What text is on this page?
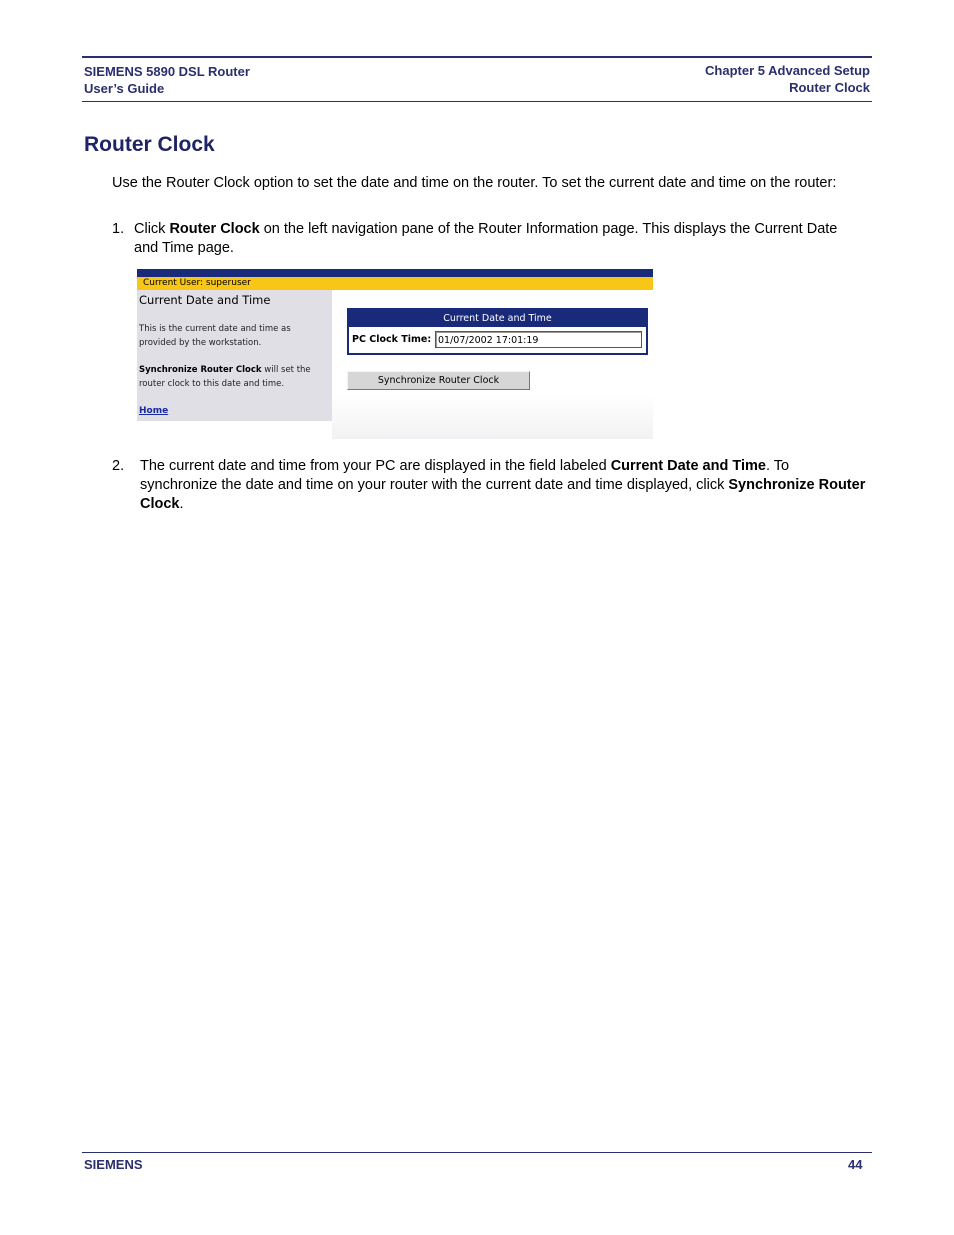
SIEMENS 5890 DSL Router
User’s Guide
Chapter 5 Advanced Setup
Router Clock
Router Clock
Use the Router Clock option to set the date and time on the router. To set the current date and time on the router:
1. Click Router Clock on the left navigation pane of the Router Information page. This displays the Current Date and Time page.
Current User: superuser
Current Date and Time
This is the current date and time as provided by the workstation.
Synchronize Router Clock will set the router clock to this date and time.
Home
Current Date and Time
PC Clock Time: 01/07/2002 17:01:19
Synchronize Router Clock
2. The current date and time from your PC are displayed in the field labeled Current Date and Time. To synchronize the date and time on your router with the current date and time displayed, click Synchronize Router Clock.
SIEMENS	44
